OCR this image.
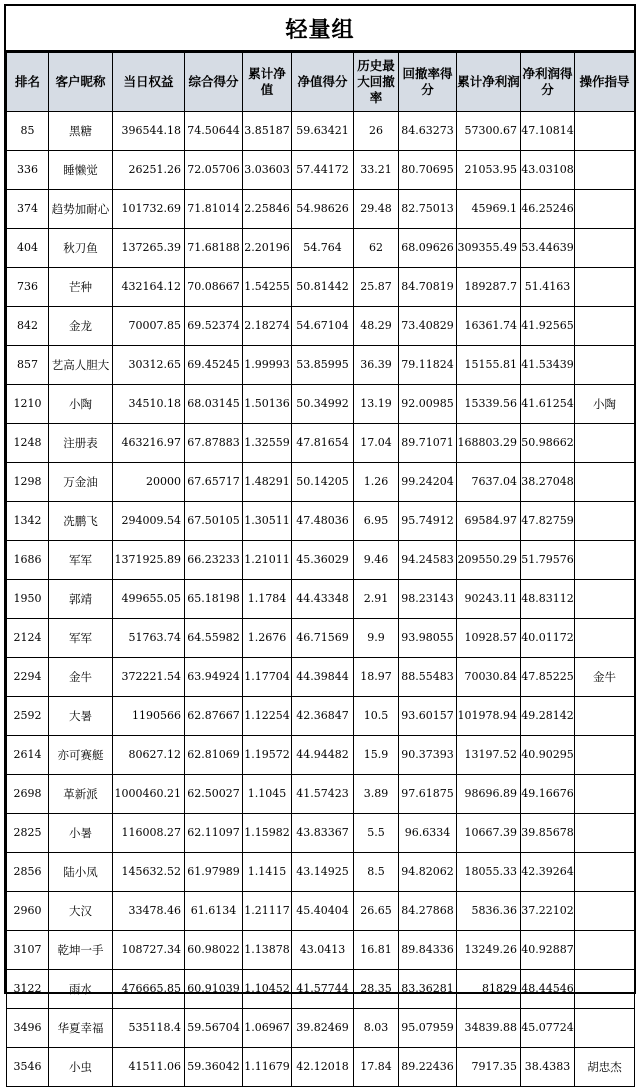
轻量组
排名	客户昵称	当日权益	综合得分	累计净值	净值得分	历史最大回撤率	回撤率得分	累计净利润	净利润得分	操作指导
85	黑糖	396544.18	74.50644	3.85187	59.63421	26	84.63273	57300.67	47.10814	
336	睡懒觉	26251.26	72.05706	3.03603	57.44172	33.21	80.70695	21053.95	43.03108	
374	趋势加耐心	101732.69	71.81014	2.25846	54.98626	29.48	82.75013	45969.1	46.25246	
404	秋刀鱼	137265.39	71.68188	2.20196	54.764	62	68.09626	309355.49	53.44639	
736	芒种	432164.12	70.08667	1.54255	50.81442	25.87	84.70819	189287.7	51.4163	
842	金龙	70007.85	69.52374	2.18274	54.67104	48.29	73.40829	16361.74	41.92565	
857	艺高人胆大	30312.65	69.45245	1.99993	53.85995	36.39	79.11824	15155.81	41.53439	
1210	小陶	34510.18	68.03145	1.50136	50.34992	13.19	92.00985	15339.56	41.61254	小陶
1248	注册表	463216.97	67.87883	1.32559	47.81654	17.04	89.71071	168803.29	50.98662	
1298	万金油	20000	67.65717	1.48291	50.14205	1.26	99.24204	7637.04	38.27048	
1342	冼鹏飞	294009.54	67.50105	1.30511	47.48036	6.95	95.74912	69584.97	47.82759	
1686	军军	1371925.89	66.23233	1.21011	45.36029	9.46	94.24583	209550.29	51.79576	
1950	郭靖	499655.05	65.18198	1.1784	44.43348	2.91	98.23143	90243.11	48.83112	
2124	军军	51763.74	64.55982	1.2676	46.71569	9.9	93.98055	10928.57	40.01172	
2294	金牛	372221.54	63.94924	1.17704	44.39844	18.97	88.55483	70030.84	47.85225	金牛
2592	大暑	1190566	62.87667	1.12254	42.36847	10.5	93.60157	101978.94	49.28142	
2614	亦可赛艇	80627.12	62.81069	1.19572	44.94482	15.9	90.37393	13197.52	40.90295	
2698	革新派	1000460.21	62.50027	1.1045	41.57423	3.89	97.61875	98696.89	49.16676	
2825	小暑	116008.27	62.11097	1.15982	43.83367	5.5	96.6334	10667.39	39.85678	
2856	陆小凤	145632.52	61.97989	1.1415	43.14925	8.5	94.82062	18055.33	42.39264	
2960	大汉	33478.46	61.6134	1.21117	45.40404	26.65	84.27868	5836.36	37.22102	
3107	乾坤一手	108727.34	60.98022	1.13878	43.0413	16.81	89.84336	13249.26	40.92887	
3122	雨水	476665.85	60.91039	1.10452	41.57744	28.35	83.36281	81829	48.44546	
3496	华夏幸福	535118.4	59.56704	1.06967	39.82469	8.03	95.07959	34839.88	45.07724	
3546	小虫	41511.06	59.36042	1.11679	42.12018	17.84	89.22436	7917.35	38.4383	胡忠杰
